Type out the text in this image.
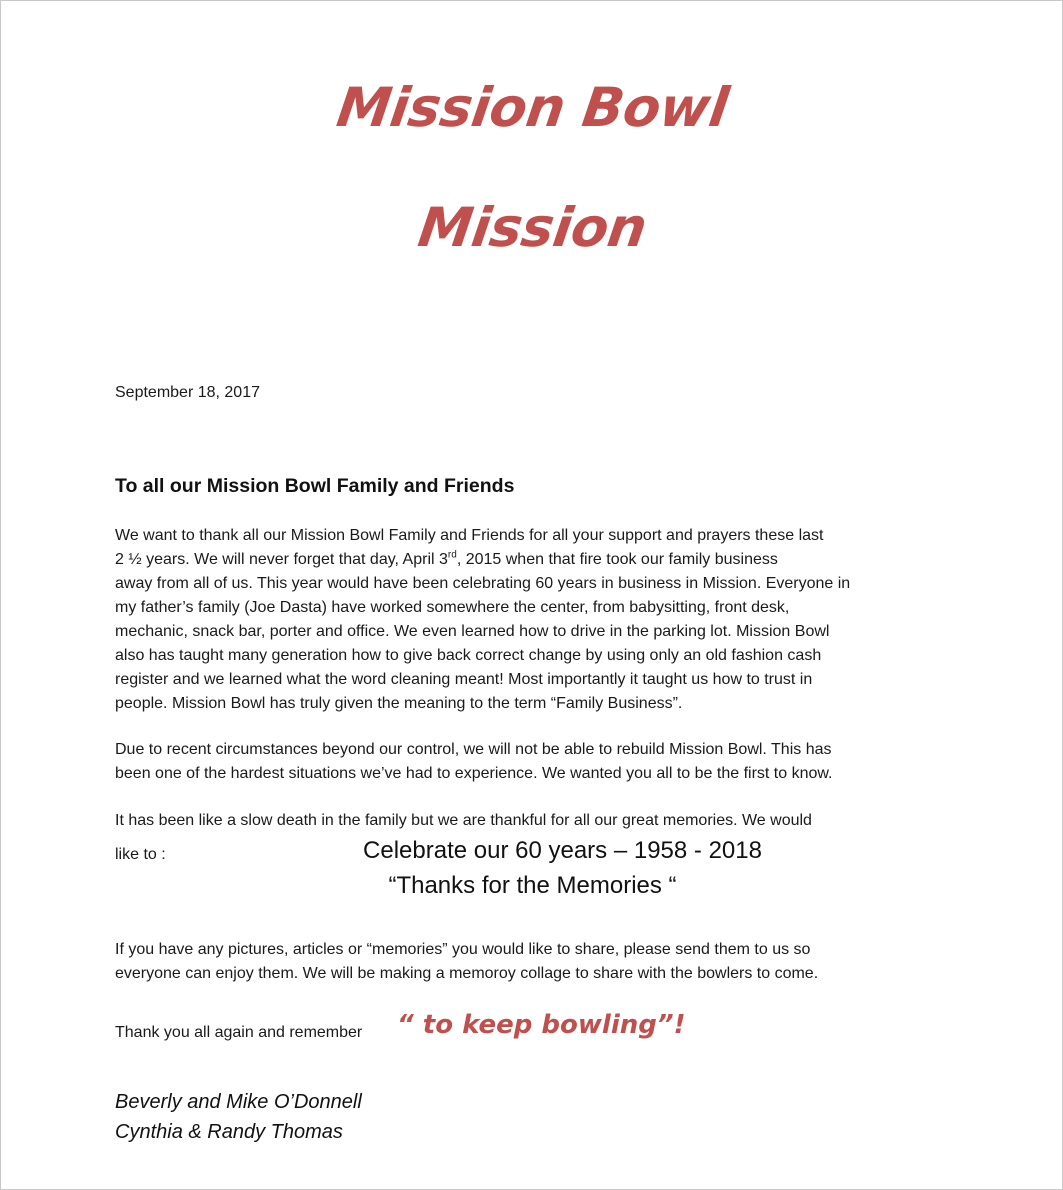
Mission Bowl
Mission
September 18, 2017
To all our Mission Bowl Family and Friends
We want to thank all our Mission Bowl Family and Friends for all your support and prayers these last
2 ½ years. We will never forget that day, April 3rd, 2015 when that fire took our family business
away from all of us. This year would have been celebrating 60 years in business in Mission. Everyone in
my father’s family (Joe Dasta) have worked somewhere the center, from babysitting, front desk,
mechanic, snack bar, porter and office. We even learned how to drive in the parking lot. Mission Bowl
also has taught many generation how to give back correct change by using only an old fashion cash
register and we learned what the word cleaning meant! Most importantly it taught us how to trust in
people. Mission Bowl has truly given the meaning to the term “Family Business”.
Due to recent circumstances beyond our control, we will not be able to rebuild Mission Bowl. This has
been one of the hardest situations we’ve had to experience. We wanted you all to be the first to know.
It has been like a slow death in the family but we are thankful for all our great memories. We would
like to :	Celebrate our 60 years – 1958 - 2018
“Thanks for the Memories “
If you have any pictures, articles or “memories” you would like to share, please send them to us so
everyone can enjoy them. We will be making a memoroy collage to share with the bowlers to come.
Thank you all again and remember	“ to keep bowling”!
Beverly and Mike O’Donnell
Cynthia & Randy Thomas
